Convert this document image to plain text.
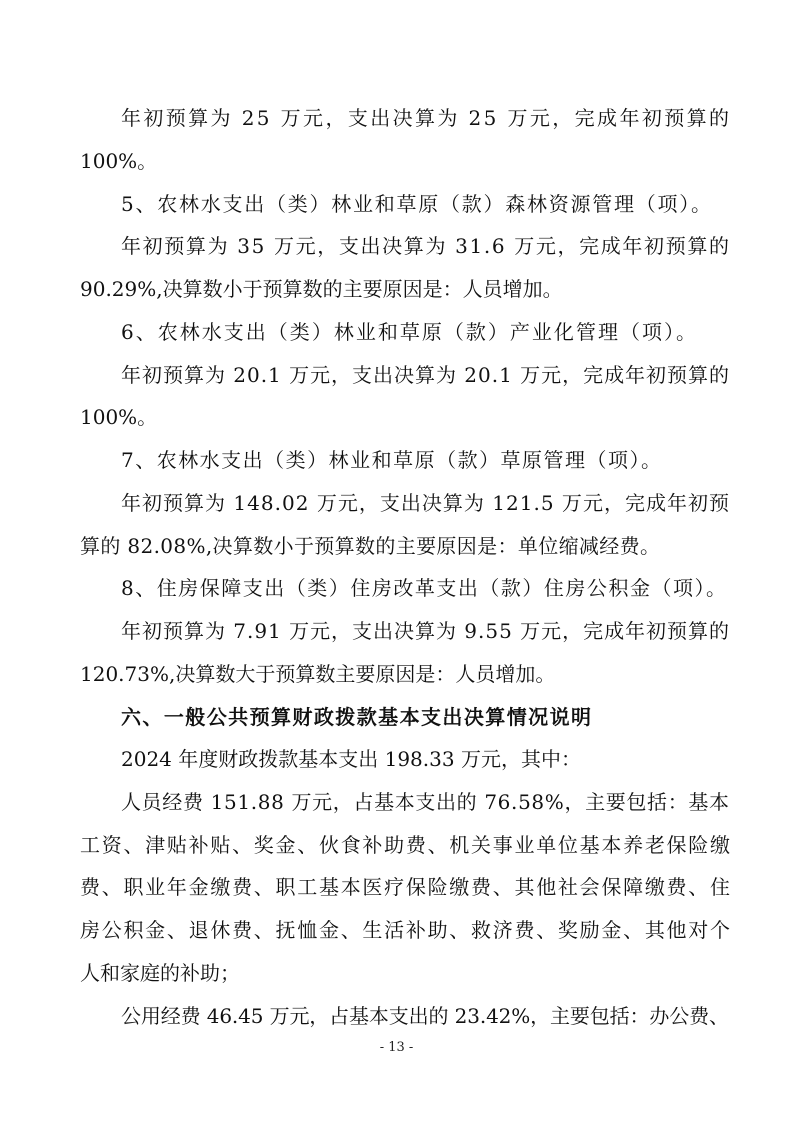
年初预算为 25 万元，支出决算为 25 万元，完成年初预算的
100%。
5、农林水支出（类）林业和草原（款）森林资源管理（项）。
年初预算为 35 万元，支出决算为 31.6 万元，完成年初预算的
90.29%,决算数小于预算数的主要原因是：人员增加。
6、农林水支出（类）林业和草原（款）产业化管理（项）。
年初预算为 20.1 万元，支出决算为 20.1 万元，完成年初预算的
100%。
7、农林水支出（类）林业和草原（款）草原管理（项）。
年初预算为 148.02 万元，支出决算为 121.5 万元，完成年初预
算的 82.08%,决算数小于预算数的主要原因是：单位缩减经费。
8、住房保障支出（类）住房改革支出（款）住房公积金（项）。
年初预算为 7.91 万元，支出决算为 9.55 万元，完成年初预算的
120.73%,决算数大于预算数主要原因是：人员增加。
六、一般公共预算财政拨款基本支出决算情况说明
2024 年度财政拨款基本支出 198.33 万元，其中：
人员经费 151.88 万元，占基本支出的 76.58%，主要包括：基本
工资、津贴补贴、奖金、伙食补助费、机关事业单位基本养老保险缴
费、职业年金缴费、职工基本医疗保险缴费、其他社会保障缴费、住
房公积金、退休费、抚恤金、生活补助、救济费、奖励金、其他对个
人和家庭的补助；
公用经费 46.45 万元，占基本支出的 23.42%，主要包括：办公费、
- 13 -
